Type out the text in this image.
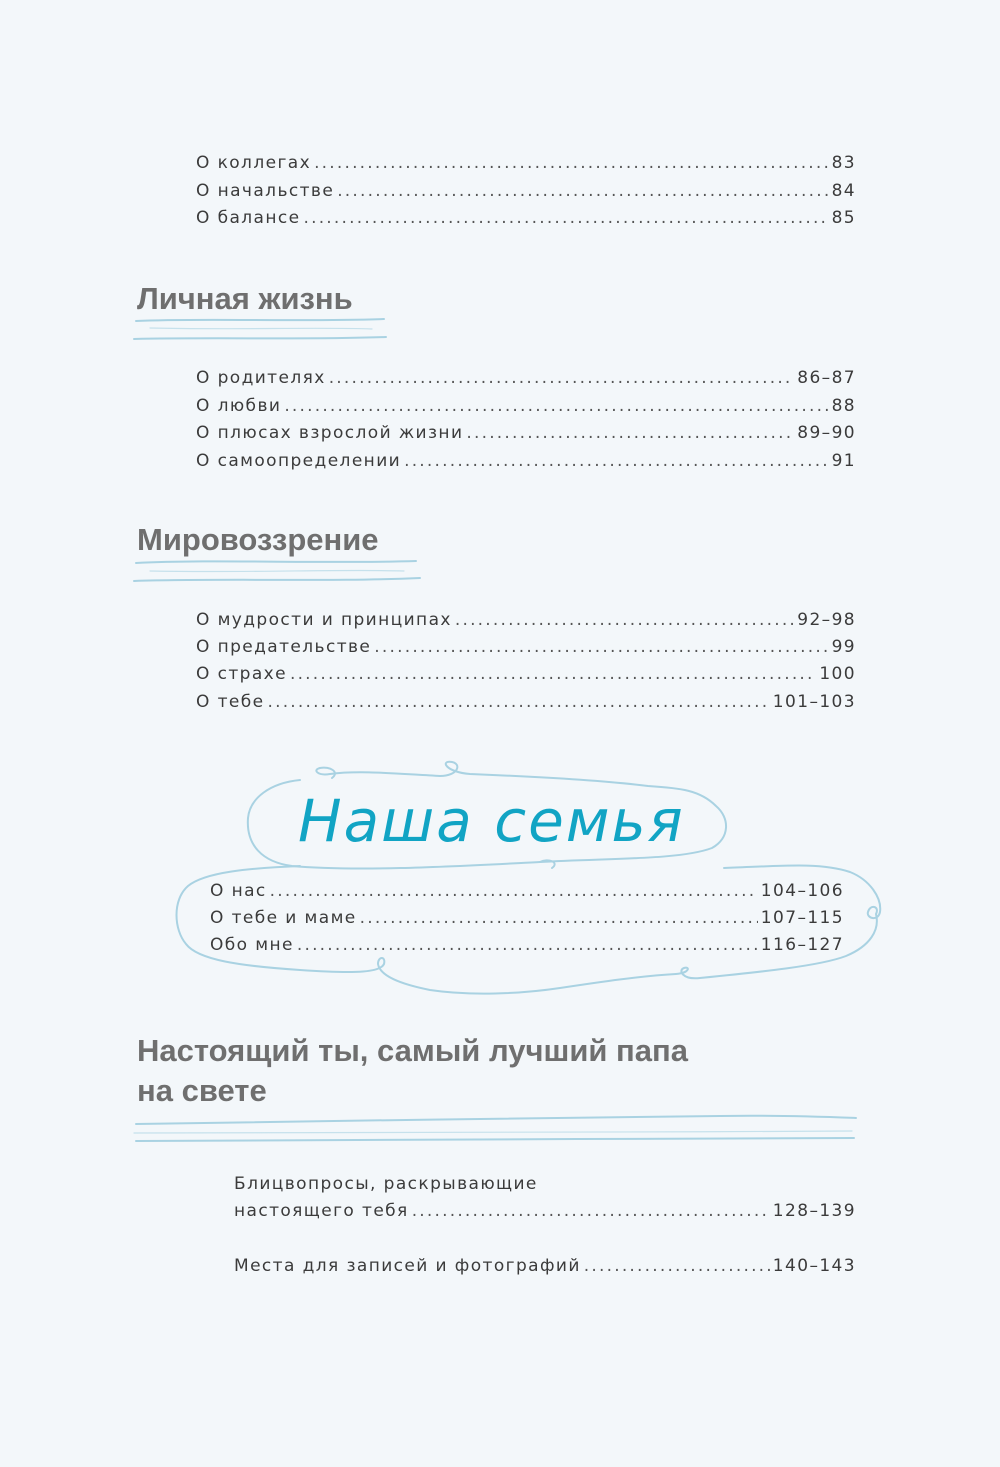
О коллегах .....	83
О начальстве .....	84
О балансе .....	85
Личная жизнь
О родителях .....	86–87
О любви .....	88
О плюсах взрослой жизни .....	89–90
О самоопределении .....	91
Мировоззрение
О мудрости и принципах .....	92–98
О предательстве .....	99
О страхе .....	100
О тебе .....	101–103
Наша семья
О нас .....	104–106
О тебе и маме .....	107–115
Обо мне .....	116–127
Настоящий ты, самый лучший папа
на свете
Блицвопросы, раскрывающие
настоящего тебя .....	128–139
Места для записей и фотографий .....	140–143
